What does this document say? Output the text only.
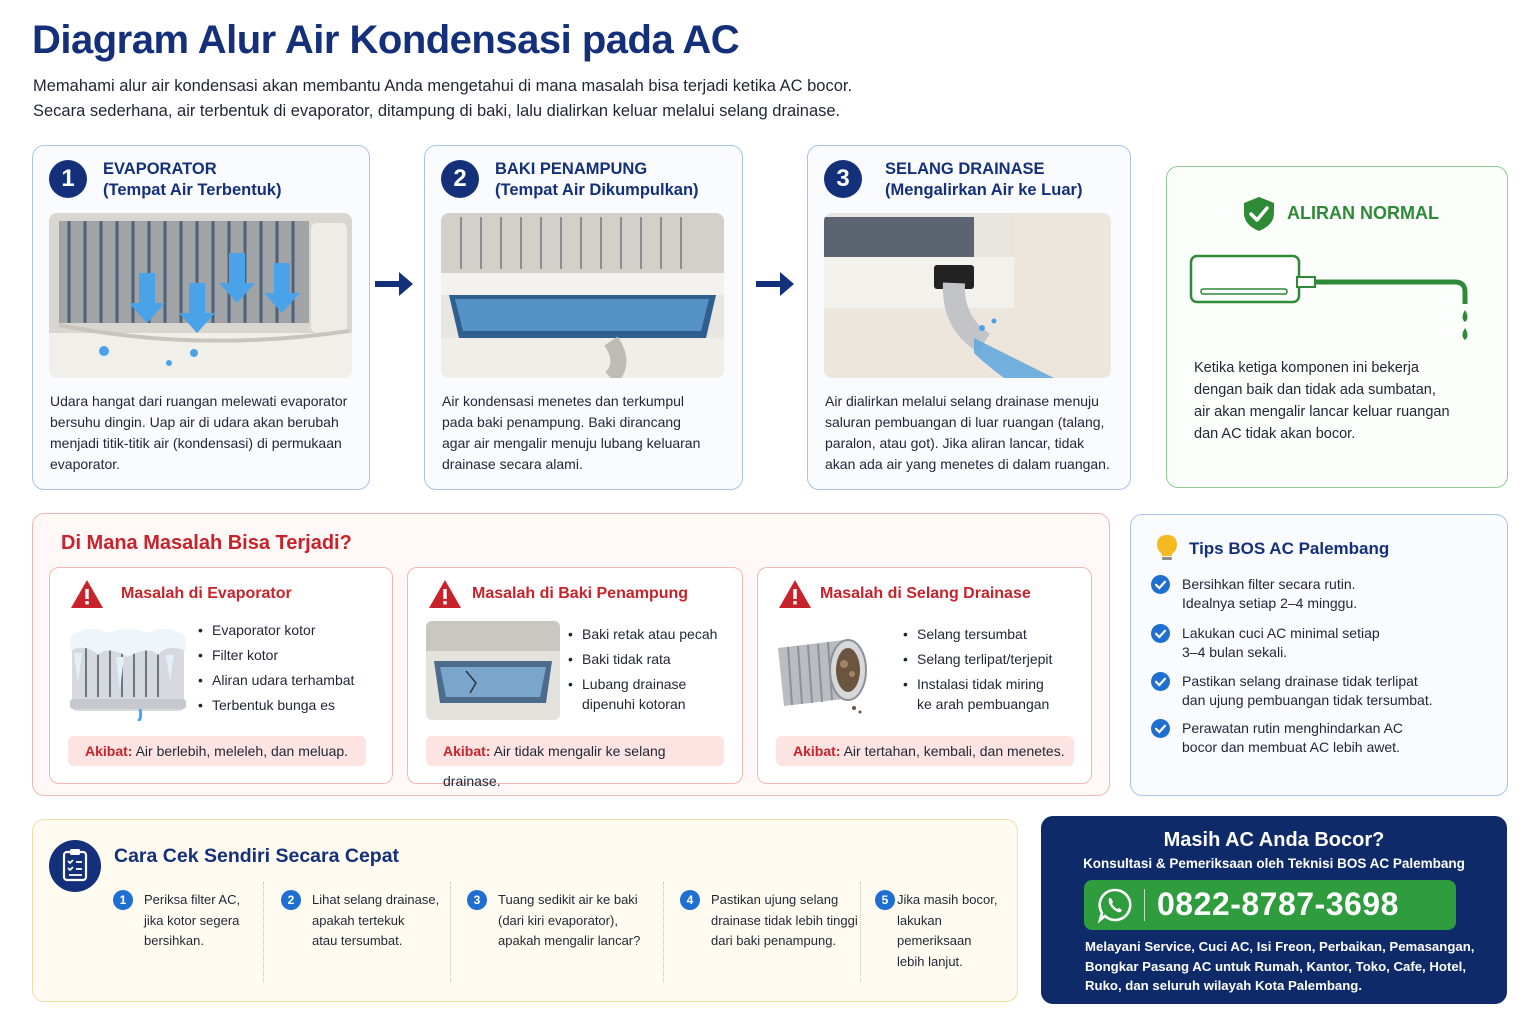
Diagram Alur Air Kondensasi pada AC
Memahami alur air kondensasi akan membantu Anda mengetahui di mana masalah bisa terjadi ketika AC bocor.
Secara sederhana, air terbentuk di evaporator, ditampung di baki, lalu dialirkan keluar melalui selang drainase.
1	EVAPORATOR
(Tempat Air Terbentuk)
Udara hangat dari ruangan melewati evaporator
bersuhu dingin. Uap air di udara akan berubah
menjadi titik-titik air (kondensasi) di permukaan
evaporator.
2	BAKI PENAMPUNG
(Tempat Air Dikumpulkan)
Air kondensasi menetes dan terkumpul
pada baki penampung. Baki dirancang
agar air mengalir menuju lubang keluaran
drainase secara alami.
3	SELANG DRAINASE
(Mengalirkan Air ke Luar)
Air dialirkan melalui selang drainase menuju
saluran pembuangan di luar ruangan (talang,
paralon, atau got). Jika aliran lancar, tidak
akan ada air yang menetes di dalam ruangan.
ALIRAN NORMAL
Ketika ketiga komponen ini bekerja
dengan baik dan tidak ada sumbatan,
air akan mengalir lancar keluar ruangan
dan AC tidak akan bocor.
Di Mana Masalah Bisa Terjadi?
Masalah di Evaporator
• Evaporator kotor
• Filter kotor
• Aliran udara terhambat
• Terbentuk bunga es
Akibat: Air berlebih, meleleh, dan meluap.
Masalah di Baki Penampung
• Baki retak atau pecah
• Baki tidak rata
• Lubang drainase
dipenuhi kotoran
Akibat: Air tidak mengalir ke selang drainase.
Masalah di Selang Drainase
• Selang tersumbat
• Selang terlipat/terjepit
• Instalasi tidak miring
ke arah pembuangan
Akibat: Air tertahan, kembali, dan menetes.
Tips BOS AC Palembang
Bersihkan filter secara rutin.
Idealnya setiap 2–4 minggu.
Lakukan cuci AC minimal setiap
3–4 bulan sekali.
Pastikan selang drainase tidak terlipat
dan ujung pembuangan tidak tersumbat.
Perawatan rutin menghindarkan AC
bocor dan membuat AC lebih awet.
Cara Cek Sendiri Secara Cepat
1	Periksa filter AC,
jika kotor segera
bersihkan.
2	Lihat selang drainase,
apakah tertekuk
atau tersumbat.
3	Tuang sedikit air ke baki
(dari kiri evaporator),
apakah mengalir lancar?
4	Pastikan ujung selang
drainase tidak lebih tinggi
dari baki penampung.
5 Jika masih bocor,
lakukan pemeriksaan
lebih lanjut.
Masih AC Anda Bocor?
Konsultasi & Pemeriksaan oleh Teknisi BOS AC Palembang
0822-8787-3698
Melayani Service, Cuci AC, Isi Freon, Perbaikan, Pemasangan,
Bongkar Pasang AC untuk Rumah, Kantor, Toko, Cafe, Hotel,
Ruko, dan seluruh wilayah Kota Palembang.
